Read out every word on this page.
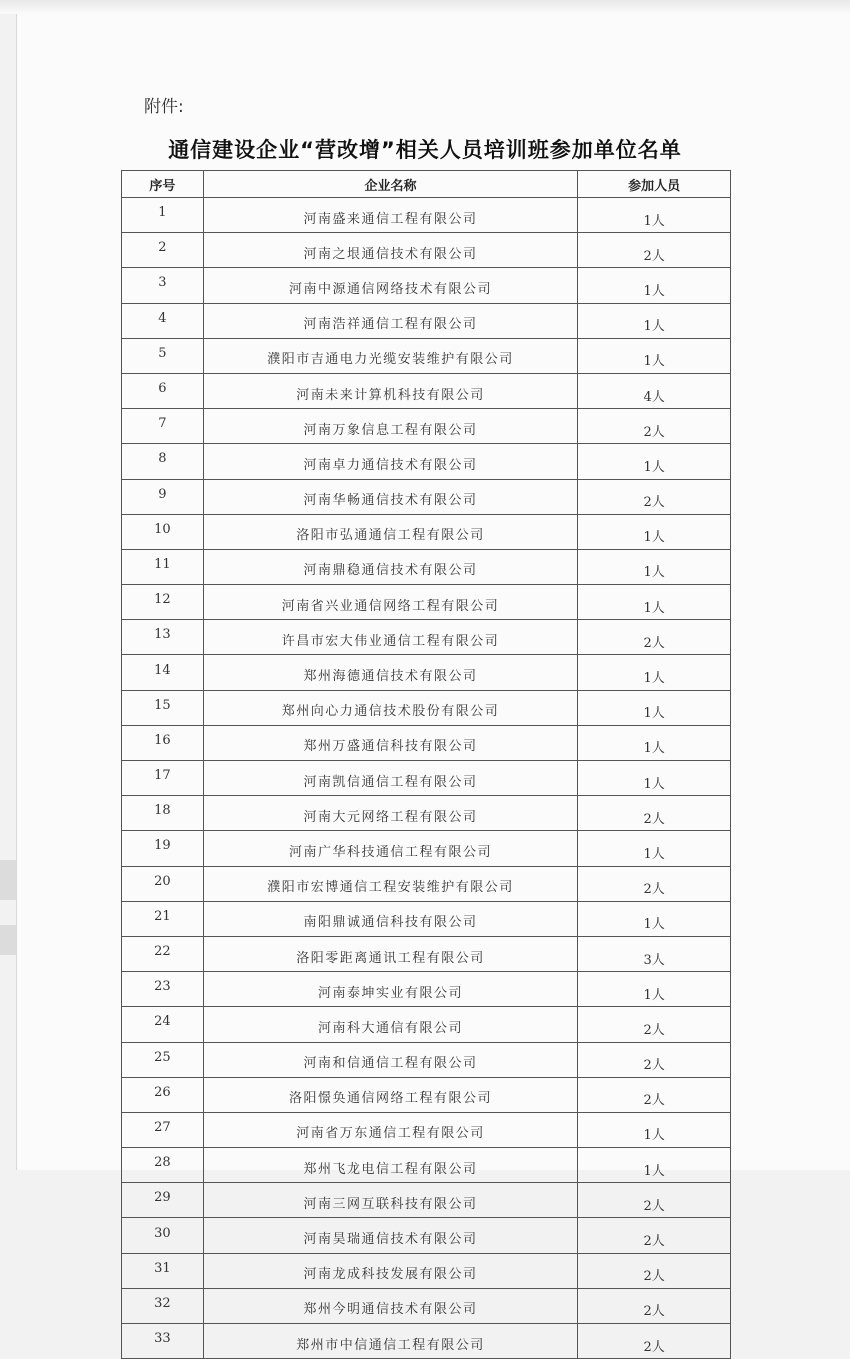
附件:
通信建设企业“营改增”相关人员培训班参加单位名单
序号	企业名称	参加人员
1	河南盛来通信工程有限公司	1人
2	河南之垠通信技术有限公司	2人
3	河南中源通信网络技术有限公司	1人
4	河南浩祥通信工程有限公司	1人
5	濮阳市吉通电力光缆安装维护有限公司	1人
6	河南未来计算机科技有限公司	4人
7	河南万象信息工程有限公司	2人
8	河南卓力通信技术有限公司	1人
9	河南华畅通信技术有限公司	2人
10	洛阳市弘通通信工程有限公司	1人
11	河南鼎稳通信技术有限公司	1人
12	河南省兴业通信网络工程有限公司	1人
13	许昌市宏大伟业通信工程有限公司	2人
14	郑州海德通信技术有限公司	1人
15	郑州向心力通信技术股份有限公司	1人
16	郑州万盛通信科技有限公司	1人
17	河南凯信通信工程有限公司	1人
18	河南大元网络工程有限公司	2人
19	河南广华科技通信工程有限公司	1人
20	濮阳市宏博通信工程安装维护有限公司	2人
21	南阳鼎诚通信科技有限公司	1人
22	洛阳零距离通讯工程有限公司	3人
23	河南泰坤实业有限公司	1人
24	河南科大通信有限公司	2人
25	河南和信通信工程有限公司	2人
26	洛阳憬奂通信网络工程有限公司	2人
27	河南省万东通信工程有限公司	1人
28	郑州飞龙电信工程有限公司	1人
29	河南三网互联科技有限公司	2人
30	河南昊瑞通信技术有限公司	2人
31	河南龙成科技发展有限公司	2人
32	郑州今明通信技术有限公司	2人
33	郑州市中信通信工程有限公司	2人
